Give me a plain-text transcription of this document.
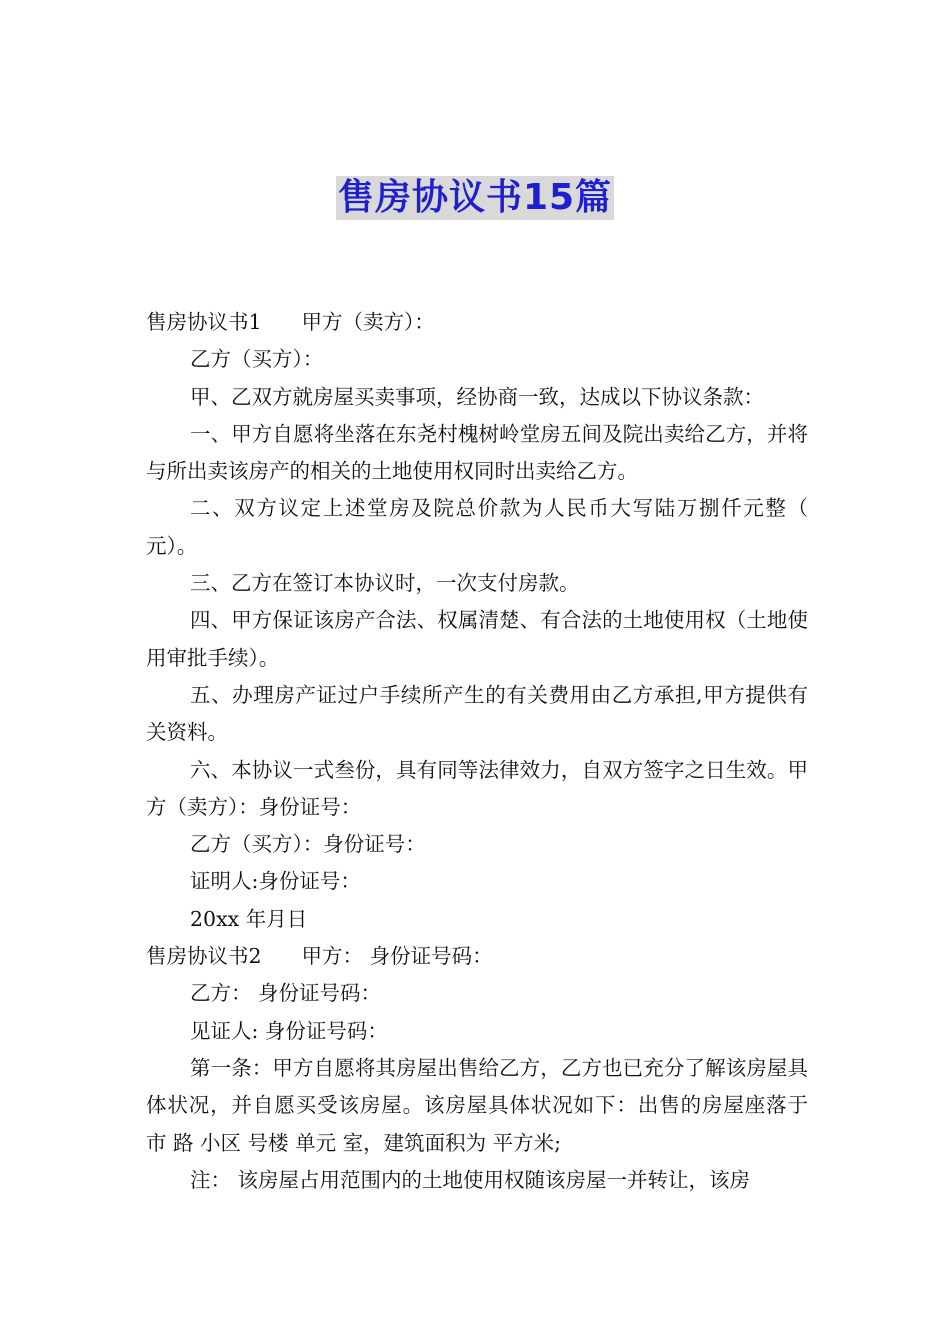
售房协议书15篇

售房协议书1 甲方（卖方）：

乙方（买方）：

甲、乙双方就房屋买卖事项，经协商一致，达成以下协议条款：

一、甲方自愿将坐落在东尧村槐树岭堂房五间及院出卖给乙方，并将与所出卖该房产的相关的土地使用权同时出卖给乙方。

二、双方议定上述堂房及院总价款为人民币大写陆万捌仟元整（ 元）。

三、乙方在签订本协议时，一次支付房款。

四、甲方保证该房产合法、权属清楚、有合法的土地使用权（土地使用审批手续）。

五、办理房产证过户手续所产生的有关费用由乙方承担,甲方提供有关资料。

六、本协议一式叁份，具有同等法律效力，自双方签字之日生效。甲方（卖方）：身份证号：

乙方（买方）：身份证号：

证明人:身份证号：

20xx 年月日

售房协议书2 甲方： 身份证号码：

乙方： 身份证号码：

见证人: 身份证号码：

第一条：甲方自愿将其房屋出售给乙方，乙方也已充分了解该房屋具体状况，并自愿买受该房屋。该房屋具体状况如下：出售的房屋座落于 市 路 小区 号楼 单元 室，建筑面积为 平方米;

注： 该房屋占用范围内的土地使用权随该房屋一并转让，该房
